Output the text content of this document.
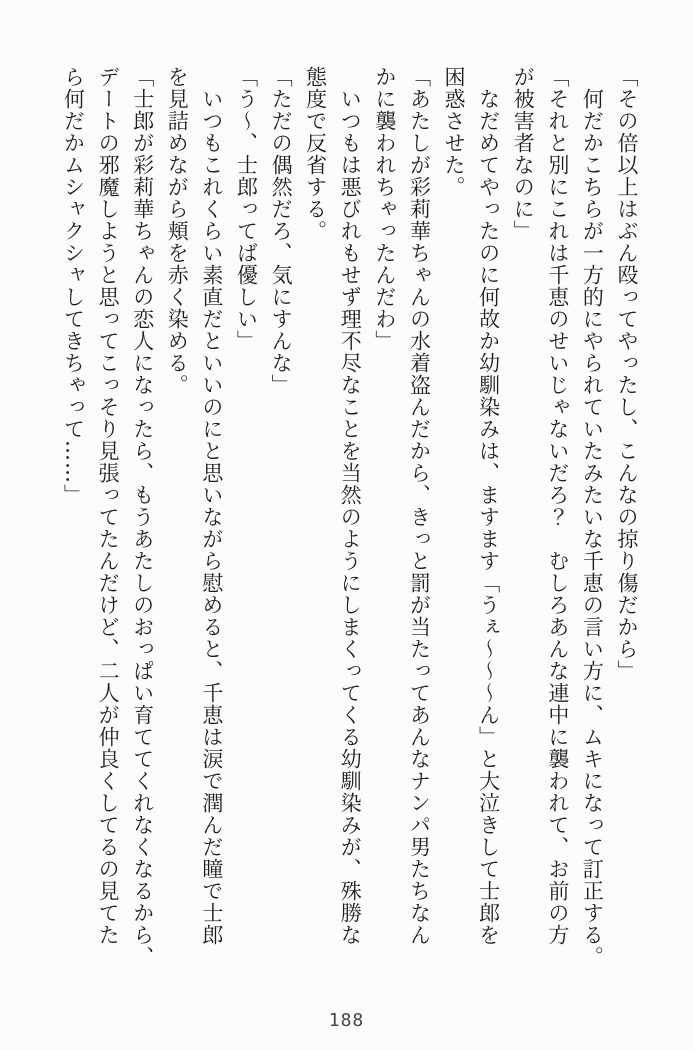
「その倍以上はぶん殴ってやったし、こんなの掠り傷だから」

　何だかこちらが一方的にやられていたみたいな千恵の言い方に、ムキになって訂正する。

「それと別にこれは千恵のせいじゃないだろ？　むしろあんな連中に襲われて、お前の方

が被害者なのに」

　なだめてやったのに何故か幼馴染みは、ますます「うぇ〜〜〜ん」と大泣きして士郎を

困惑させた。

「あたしが彩莉華ちゃんの水着盗んだから、きっと罰が当たってあんなナンパ男たちなん

かに襲われちゃったんだわ」

　いつもは悪びれもせず理不尽なことを当然のようにしまくってくる幼馴染みが、殊勝な

態度で反省する。

「ただの偶然だろ、気にすんな」

「う〜、士郎ってば優しい」

　いつもこれくらい素直だといいのにと思いながら慰めると、千恵は涙で潤んだ瞳で士郎

を見詰めながら頬を赤く染める。

「士郎が彩莉華ちゃんの恋人になったら、もうあたしのおっぱい育ててくれなくなるから、

デートの邪魔しようと思ってこっそり見張ってたんだけど、二人が仲良くしてるの見てた

ら何だかムシャクシャしてきちゃって……」

188
